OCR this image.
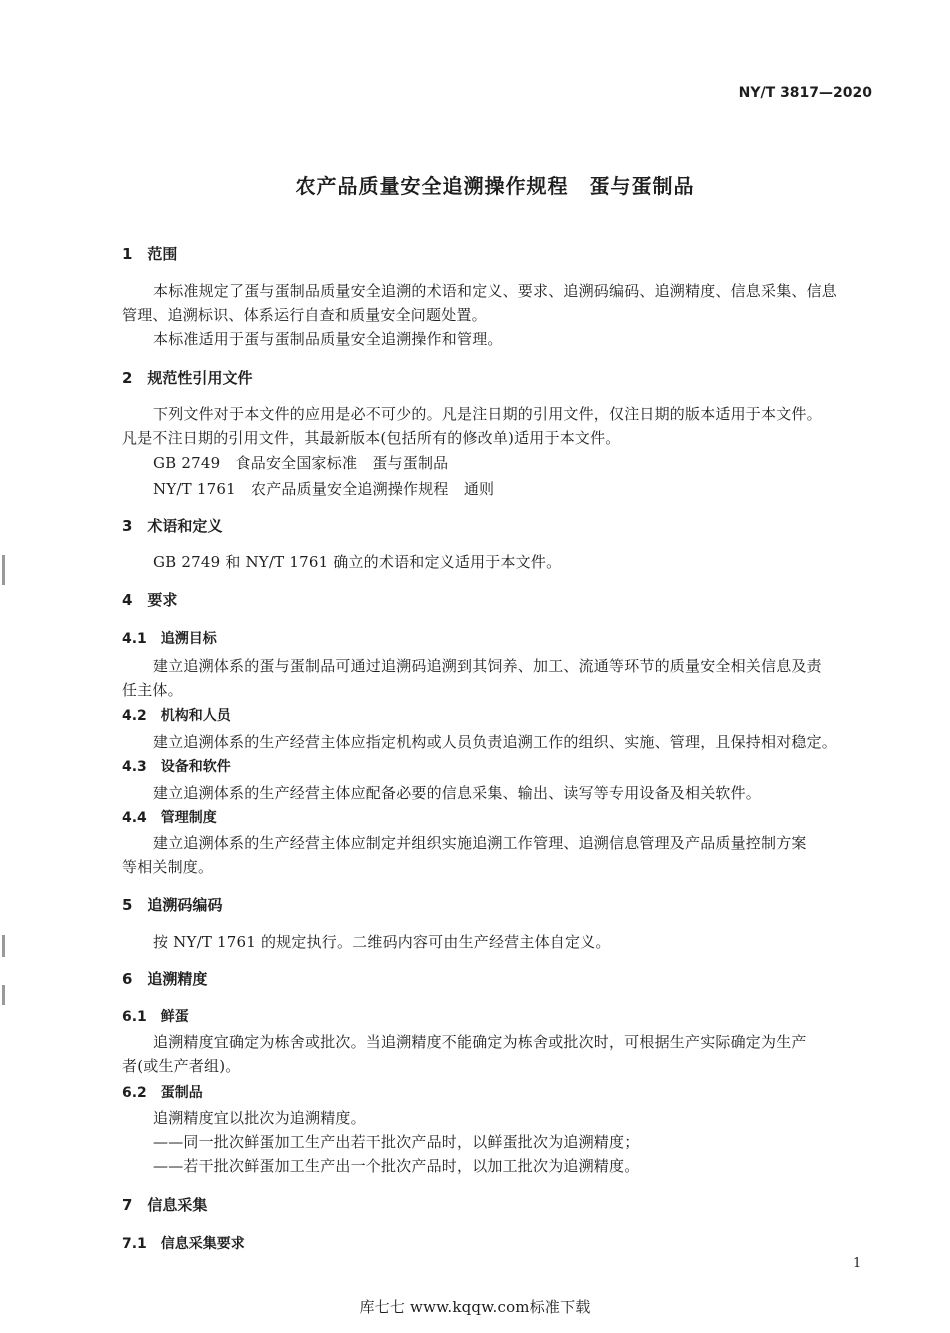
NY/T 3817—2020
农产品质量安全追溯操作规程　蛋与蛋制品
1　范围
本标准规定了蛋与蛋制品质量安全追溯的术语和定义、要求、追溯码编码、追溯精度、信息采集、信息
管理、追溯标识、体系运行自查和质量安全问题处置。
本标准适用于蛋与蛋制品质量安全追溯操作和管理。
2　规范性引用文件
下列文件对于本文件的应用是必不可少的。凡是注日期的引用文件，仅注日期的版本适用于本文件。
凡是不注日期的引用文件，其最新版本(包括所有的修改单)适用于本文件。
GB 2749　食品安全国家标准　蛋与蛋制品
NY/T 1761　农产品质量安全追溯操作规程　通则
3　术语和定义
GB 2749 和 NY/T 1761 确立的术语和定义适用于本文件。
4　要求
4.1　追溯目标
建立追溯体系的蛋与蛋制品可通过追溯码追溯到其饲养、加工、流通等环节的质量安全相关信息及责
任主体。
4.2　机构和人员
建立追溯体系的生产经营主体应指定机构或人员负责追溯工作的组织、实施、管理，且保持相对稳定。
4.3　设备和软件
建立追溯体系的生产经营主体应配备必要的信息采集、输出、读写等专用设备及相关软件。
4.4　管理制度
建立追溯体系的生产经营主体应制定并组织实施追溯工作管理、追溯信息管理及产品质量控制方案
等相关制度。
5　追溯码编码
按 NY/T 1761 的规定执行。二维码内容可由生产经营主体自定义。
6　追溯精度
6.1　鲜蛋
追溯精度宜确定为栋舍或批次。当追溯精度不能确定为栋舍或批次时，可根据生产实际确定为生产
者(或生产者组)。
6.2　蛋制品
追溯精度宜以批次为追溯精度。
——同一批次鲜蛋加工生产出若干批次产品时，以鲜蛋批次为追溯精度；
——若干批次鲜蛋加工生产出一个批次产品时，以加工批次为追溯精度。
7　信息采集
7.1　信息采集要求
1
库七七 www.kqqw.com标准下载
